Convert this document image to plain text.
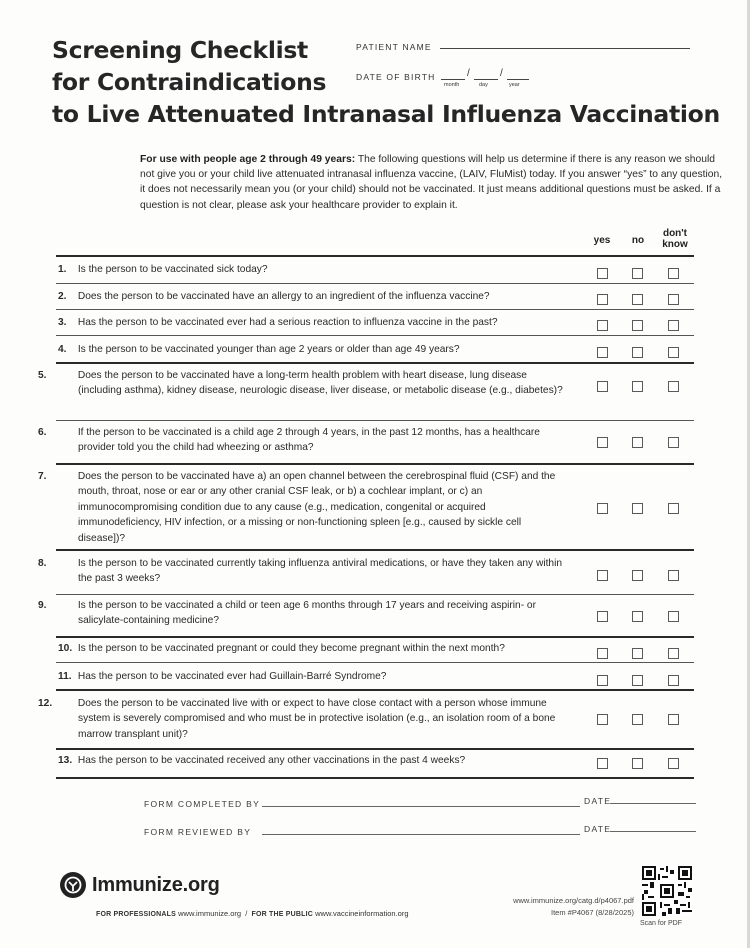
Screening Checklist
for Contraindications
to Live Attenuated Intranasal Influenza Vaccination
PATIENT NAME
DATE OF BIRTH	/	/
month	day	year
For use with people age 2 through 49 years: The following questions will help us determine if there is any reason we should not give you or your child live attenuated intranasal influenza vaccine, (LAIV, FluMist) today. If you answer “yes” to any question, it does not necessarily mean you (or your child) should not be vaccinated. It just means additional questions must be asked. If a question is not clear, please ask your healthcare provider to explain it.
yes	no
don't know
1. Is the person to be vaccinated sick today?
2. Does the person to be vaccinated have an allergy to an ingredient of the influenza vaccine?
3. Has the person to be vaccinated ever had a serious reaction to influenza vaccine in the past?
4. Is the person to be vaccinated younger than age 2 years or older than age 49 years?
5.	Does the person to be vaccinated have a long-term health problem with heart disease, lung disease (including asthma), kidney disease, neurologic disease, liver disease, or metabolic disease (e.g., diabetes)?
6.	If the person to be vaccinated is a child age 2 through 4 years, in the past 12 months, has a healthcare provider told you the child had wheezing or asthma?
7.	Does the person to be vaccinated have a) an open channel between the cerebrospinal fluid (CSF) and the mouth, throat, nose or ear or any other cranial CSF leak, or b) a cochlear implant, or c) an immunocompromising condition due to any cause (e.g., medication, congenital or acquired immunodeficiency, HIV infection, or a missing or non-functioning spleen [e.g., caused by sickle cell disease])?
8.	Is the person to be vaccinated currently taking influenza antiviral medications, or have they taken any within the past 3 weeks?
9.	Is the person to be vaccinated a child or teen age 6 months through 17 years and receiving aspirin- or salicylate-containing medicine?
10. Is the person to be vaccinated pregnant or could they become pregnant within the next month?
11. Has the person to be vaccinated ever had Guillain-Barré Syndrome?
12.	Does the person to be vaccinated live with or expect to have close contact with a person whose immune system is severely compromised and who must be in protective isolation (e.g., an isolation room of a bone marrow transplant unit)?
13. Has the person to be vaccinated received any other vaccinations in the past 4 weeks?
FORM COMPLETED BY	DATE
FORM REVIEWED BY	DATE
Immunize.org
FOR PROFESSIONALS www.immunize.org / FOR THE PUBLIC www.vaccineinformation.org
www.immunize.org/catg.d/p4067.pdf
Item #P4067 (8/28/2025)
Scan for PDF
